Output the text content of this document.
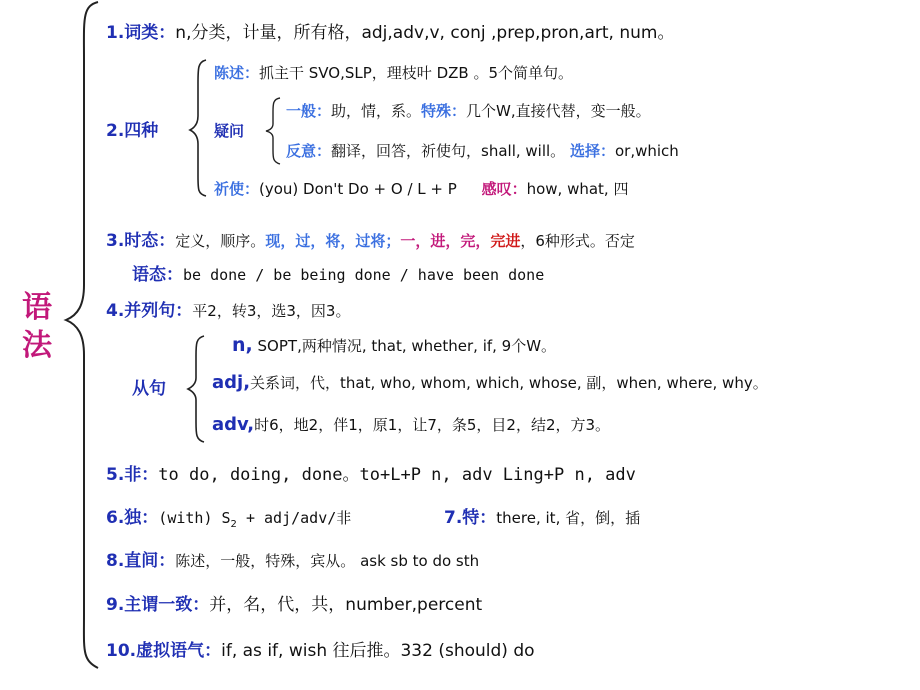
语
法
1.词类：n,分类，计量，所有格，adj,adv,v, conj ,prep,pron,art, num。
2.四种
陈述：抓主干 SVO,SLP，理枝叶 DZB 。5个简单句。
疑问
一般：助，情，系。特殊：几个W,直接代替，变一般。
反意：翻译，回答，祈使句，shall, will。 选择：or,which
祈使：(you) Don't Do + O / L + P 感叹：how, what, 四
3.时态：定义，顺序。现，过，将，过将；一，进，完，完进，6种形式。否定
语态：be done / be being done / have been done
4.并列句：平2，转3，选3，因3。
从句
n, SOPT,两种情况, that, whether, if, 9个W。
adj,关系词，代，that, who, whom, which, whose, 副，when, where, why。
adv,时6，地2，伴1，原1，让7，条5，目2，结2，方3。
5.非：to do, doing, done。to+L+P n, adv Ling+P n, adv
6.独：(with) $S_2 + adj/adv/$非	7.特：there, it, 省，倒，插
8.直间：陈述，一般，特殊，宾从。 ask sb to do sth
9.主谓一致：并，名，代，共，number,percent
10.虚拟语气：if, as if, wish 往后推。332 (should) do
